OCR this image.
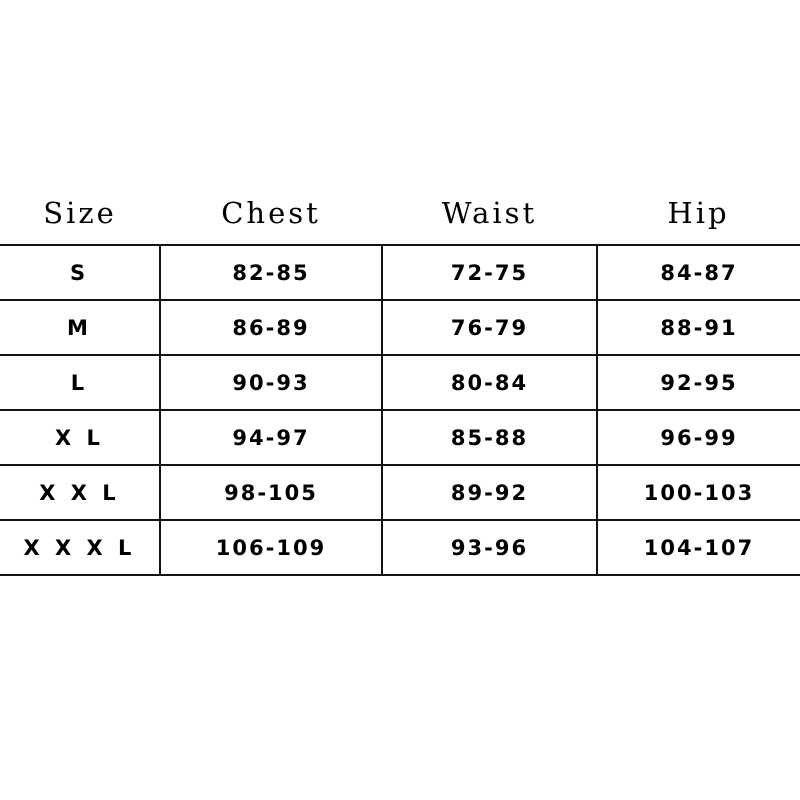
Size	Chest	Waist	Hip
S	82-85	72-75	84-87
M	86-89	76-79	88-91
L	90-93	80-84	92-95
X L	94-97	85-88	96-99
X X L	98-105	89-92	100-103
X X X L	106-109	93-96	104-107
